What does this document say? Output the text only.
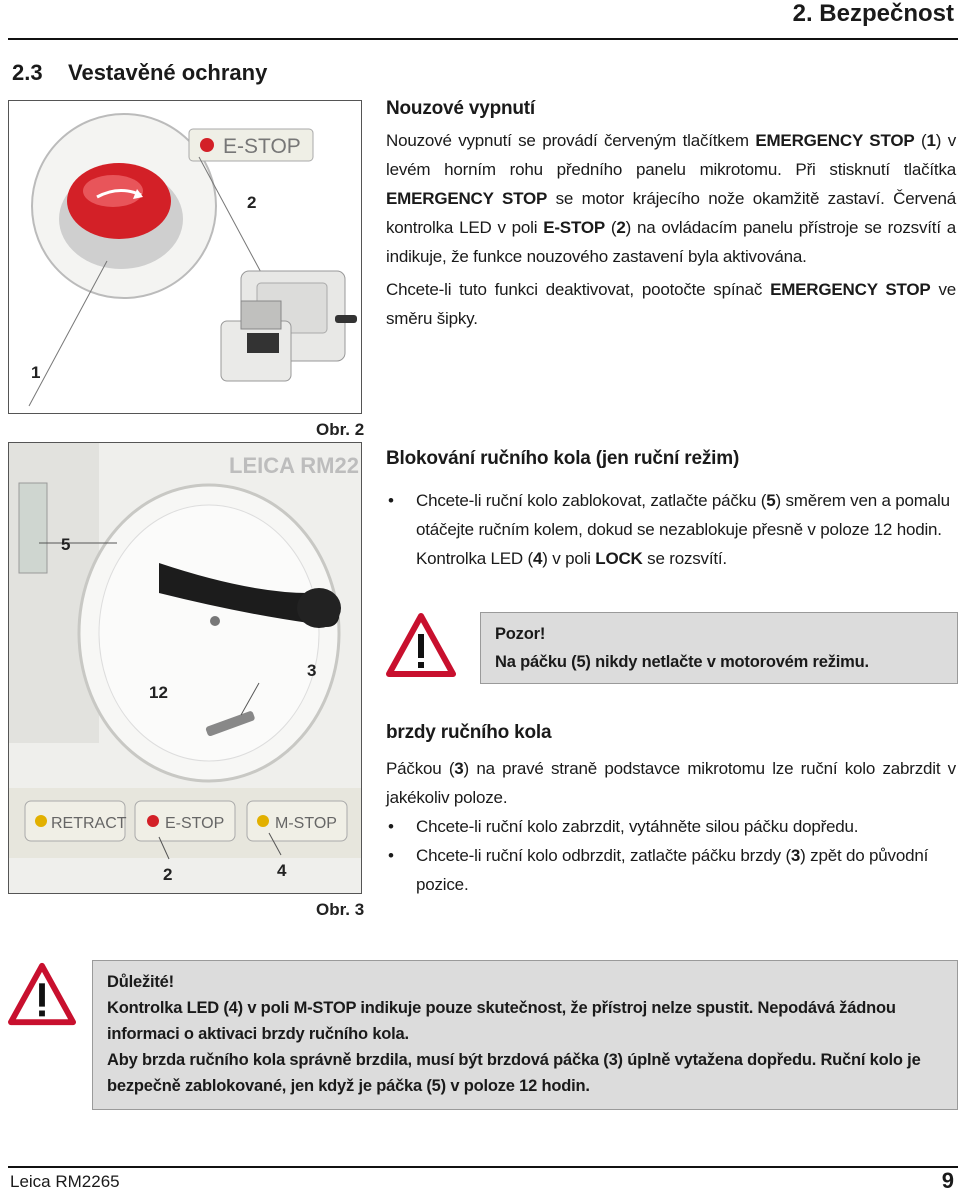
2. Bezpečnost
2.3 Vestavěné ochrany
E-STOP
1
2
Obr. 2
LEICA RM22
RETRACT E-STOP	M-STOP
5
3
12
2	4
Obr. 3
Nouzové vypnutí
Nouzové vypnutí se provádí červeným tlačítkem EMERGENCY STOP (1) v levém horním rohu předního panelu mikrotomu. Při stisknutí tlačítka EMERGENCY STOP se motor krájecího nože okamžitě zastaví. Červená kontrolka LED v poli E-STOP (2) na ovládacím panelu přístroje se rozsvítí a indikuje, že funkce nouzového zastavení byla aktivována.
Chcete-li tuto funkci deaktivovat, pootočte spínač EMERGENCY STOP ve směru šipky.
Blokování ručního kola (jen ruční režim)
• Chcete-li ruční kolo zablokovat, zatlačte páčku (5) směrem ven a pomalu otáčejte ručním kolem, dokud se nezablokuje přesně v poloze 12 hodin. Kontrolka LED (4) v poli LOCK se rozsvítí.
Pozor!
Na páčku (5) nikdy netlačte v motorovém režimu.
brzdy ručního kola
Páčkou (3) na pravé straně podstavce mikrotomu lze ruční kolo zabrzdit v jakékoliv poloze.
• Chcete-li ruční kolo zabrzdit, vytáhněte silou páčku dopředu.
• Chcete-li ruční kolo odbrzdit, zatlačte páčku brzdy (3) zpět do původní pozice.
Důležité!
Kontrolka LED (4) v poli M-STOP indikuje pouze skutečnost, že přístroj nelze spustit. Nepodává žádnou informaci o aktivaci brzdy ručního kola.
Aby brzda ručního kola správně brzdila, musí být brzdová páčka (3) úplně vytažena dopředu. Ruční kolo je bezpečně zablokované, jen když je páčka (5) v poloze 12 hodin.
Leica RM2265	9
